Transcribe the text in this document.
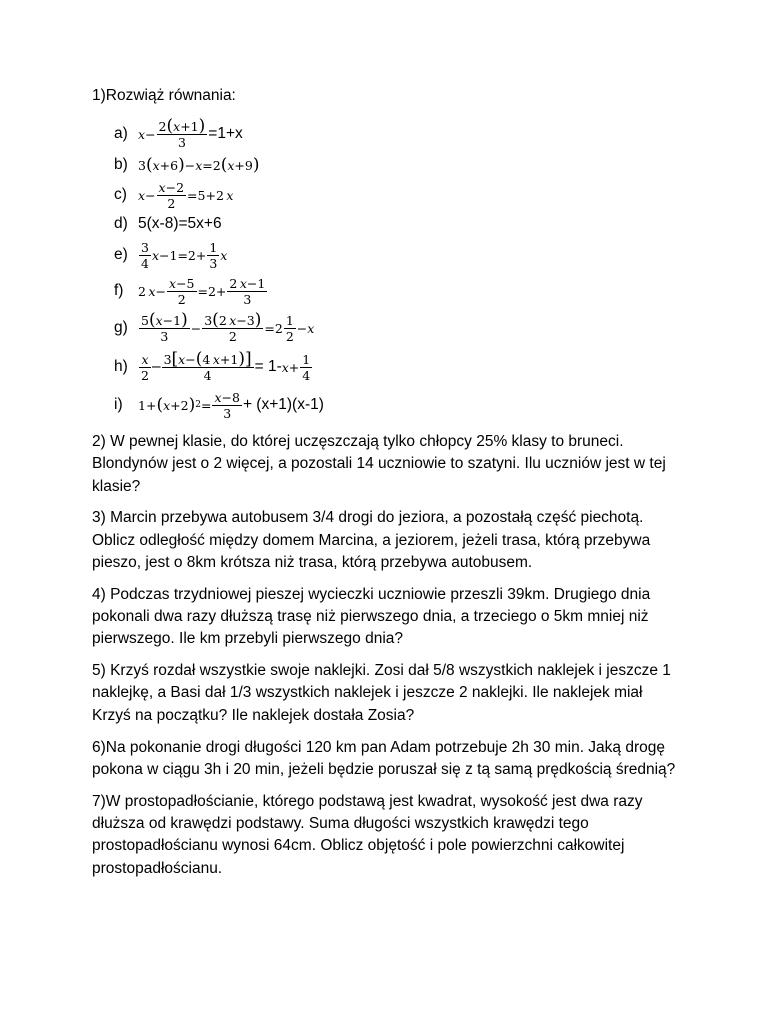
1)Rozwiąż równania:
a) $x - \frac{2(x+1)}{3} =1+x$
b) 3 ( x +6 ) − x =2 ( x +9 )
c) $x - \frac{x-2}{2} =5+2$  x
d) 5(x-8)=5x+6
$e) \frac{3}{4}$ $x -1=2+ \frac{1}{3}$ x
f)	2  $x - \frac{x-5}{2} =2+ \frac{2 x-1}{3}$
$g) \frac{5(x-1)}{3} - \frac{3(2 x-3)}{2} =2 \frac{1}{2} - x$
$h) \frac{x}{2} - \frac{3[x-(4 x+1)]}{4} = 1-$ $x + \frac{1}{4}$
i)	1+ ( x +2 ) $2 = \frac{x-8}{3} + (x+1)(x-1)$

2) W pewnej klasie, do której uczęszczają tylko chłopcy 25% klasy to bruneci. Blondynów jest o 2 więcej, a pozostali 14 uczniowie to szatyni. Ilu uczniów jest w tej klasie?

3) Marcin przebywa autobusem 3/4 drogi do jeziora, a pozostałą część piechotą. Oblicz odległość między domem Marcina, a jeziorem, jeżeli trasa, którą przebywa pieszo, jest o 8km krótsza niż trasa, którą przebywa autobusem.

4) Podczas trzydniowej pieszej wycieczki uczniowie przeszli 39km. Drugiego dnia pokonali dwa razy dłuższą trasę niż pierwszego dnia, a trzeciego o 5km mniej niż pierwszego. Ile km przebyli pierwszego dnia?

5) Krzyś rozdał wszystkie swoje naklejki. Zosi dał 5/8 wszystkich naklejek i jeszcze 1 naklejkę, a Basi dał 1/3 wszystkich naklejek i jeszcze 2 naklejki. Ile naklejek miał Krzyś na początku? Ile naklejek dostała Zosia?

6)Na pokonanie drogi długości 120 km pan Adam potrzebuje 2h 30 min. Jaką drogę pokona w ciągu 3h i 20 min, jeżeli będzie poruszał się z tą samą prędkością średnią?

7)W prostopadłościanie, którego podstawą jest kwadrat, wysokość jest dwa razy dłuższa od krawędzi podstawy. Suma długości wszystkich krawędzi tego prostopadłościanu wynosi 64cm. Oblicz objętość i pole powierzchni całkowitej prostopadłościanu.
